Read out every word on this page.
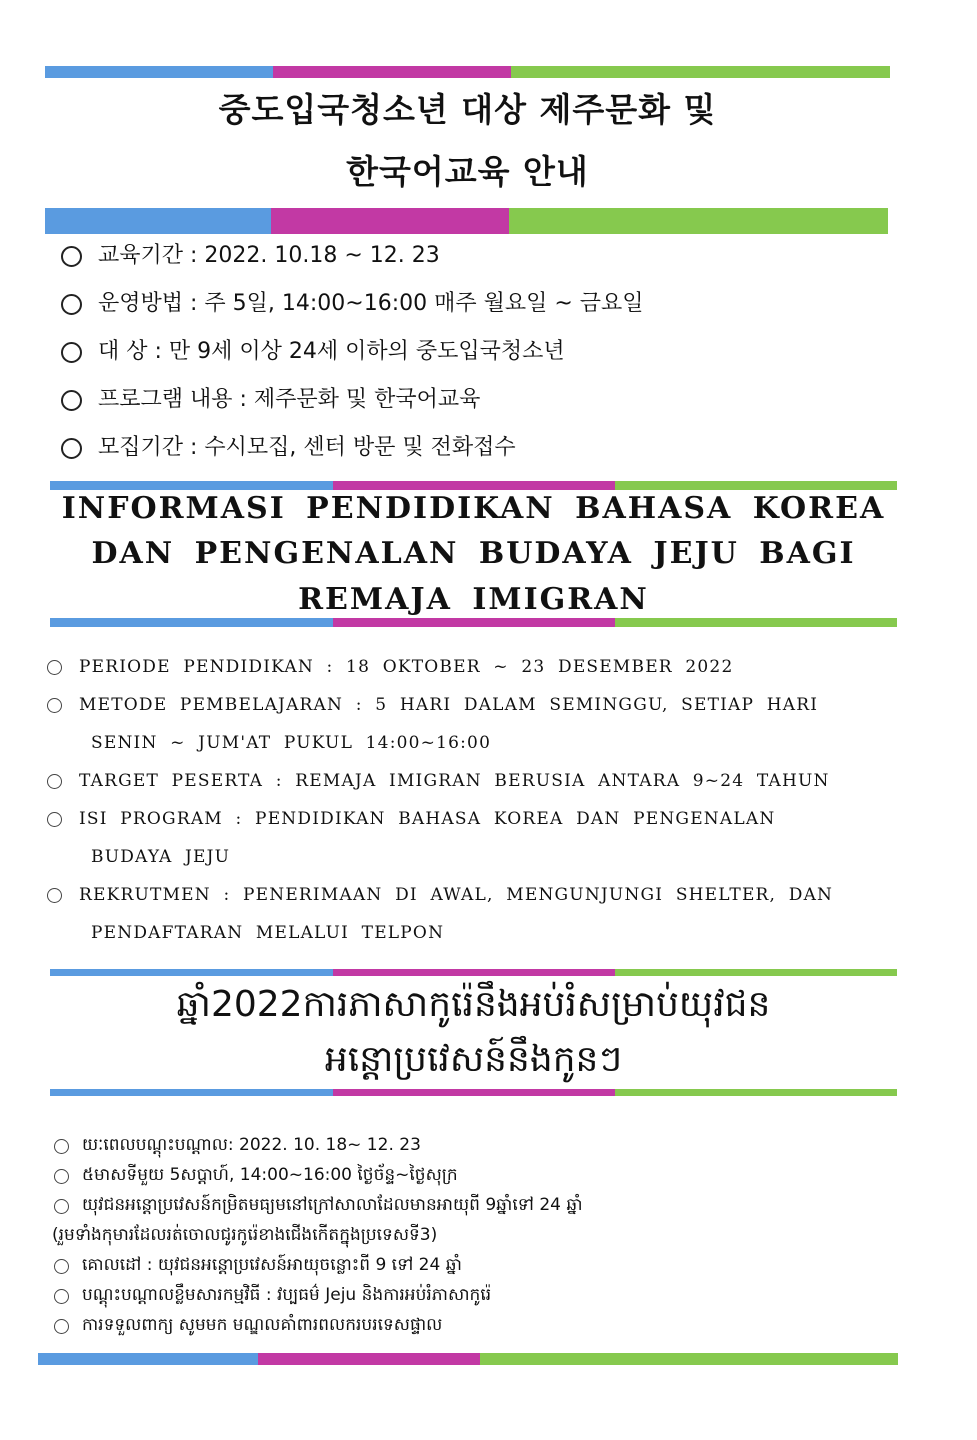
중도입국청소년 대상 제주문화 및
한국어교육 안내
교육기간 : 2022. 10.18 ~ 12. 23
운영방법 : 주 5일, 14:00~16:00 매주 월요일 ~ 금요일
대 상 : 만 9세 이상 24세 이하의 중도입국청소년
프로그램 내용 : 제주문화 및 한국어교육
모집기간 : 수시모집, 센터 방문 및 전화접수
INFORMASI PENDIDIKAN BAHASA KOREA
DAN PENGENALAN BUDAYA JEJU BAGI
REMAJA IMIGRAN
PERIODE PENDIDIKAN : 18 OKTOBER ~ 23 DESEMBER 2022
METODE PEMBELAJARAN : 5 HARI DALAM SEMINGGU, SETIAP HARI
SENIN ~ JUM'AT PUKUL 14:00~16:00
TARGET PESERTA : REMAJA IMIGRAN BERUSIA ANTARA 9~24 TAHUN
ISI PROGRAM : PENDIDIKAN BAHASA KOREA DAN PENGENALAN
BUDAYA JEJU
REKRUTMEN : PENERIMAAN DI AWAL, MENGUNJUNGI SHELTER, DAN
PENDAFTARAN MELALUI TELPON
ឆ្នាំ2022ការភាសាកូរ៉េនឹងអប់រំសម្រាប់យុវជន
អន្តោប្រវេសន៍នឹងកូនៗ
យៈពេលបណ្ដុះបណ្ដាល: 2022. 10. 18~ 12. 23
៥មាសទីមួយ 5សប្ដាហ៍, 14:00~16:00 ថ្ងៃច័ន្ទ~ថ្ងៃសុក្រ
យុវជនអន្តោប្រវេសន៍កម្រិតមធ្យមនៅក្រៅសាលាដែលមានអាយុពី 9ឆ្នាំទៅ 24 ឆ្នាំ
(រួមទាំងកុមារដែលរត់ចោលជូរកូរ៉េខាងជើងកើតក្នុងប្រទេសទី3)
គោលដៅ : យុវជនអន្តោប្រវេសន៍អាយុចន្លោះពី 9 ទៅ 24 ឆ្នាំ
បណ្ដុះបណ្ដាលខ្លឹមសារកម្មវិធី : វប្បធម៌ Jeju និងការអប់រំភាសាកូរ៉េ
ការទទួលពាក្យ សូមមក មណ្ឌលគាំពារពលករបរទេសផ្ទាល
